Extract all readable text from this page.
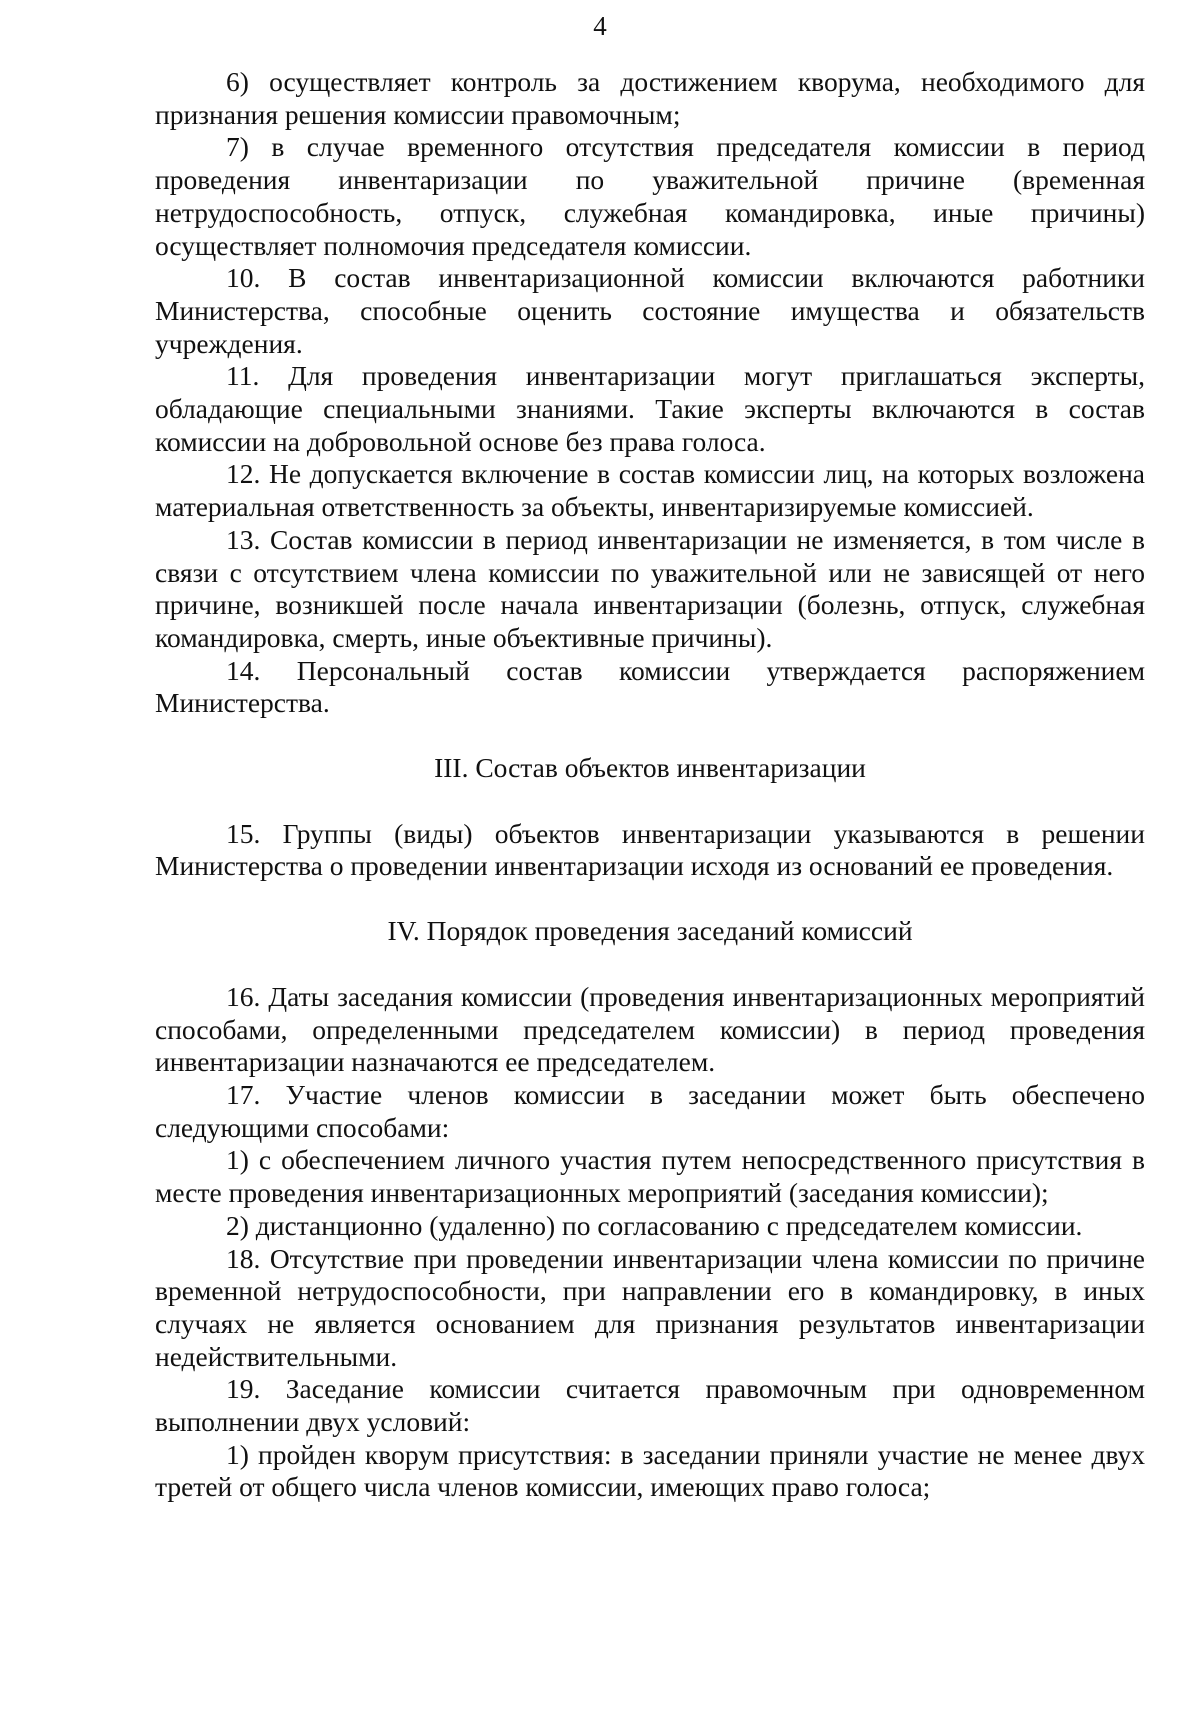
4

6) осуществляет контроль за достижением кворума, необходимого для признания решения комиссии правомочным;

7) в случае временного отсутствия председателя комиссии в период проведения инвентаризации по уважительной причине (временная нетрудоспособность, отпуск, служебная командировка, иные причины) осуществляет полномочия председателя комиссии.

10. В состав инвентаризационной комиссии включаются работники Министерства, способные оценить состояние имущества и обязательств учреждения.

11. Для проведения инвентаризации могут приглашаться эксперты, обладающие специальными знаниями. Такие эксперты включаются в состав комиссии на добровольной основе без права голоса.

12. Не допускается включение в состав комиссии лиц, на которых возложена материальная ответственность за объекты, инвентаризируемые комиссией.

13. Состав комиссии в период инвентаризации не изменяется, в том числе в связи с отсутствием члена комиссии по уважительной или не зависящей от него причине, возникшей после начала инвентаризации (болезнь, отпуск, служебная командировка, смерть, иные объективные причины).

14. Персональный состав комиссии утверждается распоряжением Министерства.

III. Состав объектов инвентаризации

15. Группы (виды) объектов инвентаризации указываются в решении Министерства о проведении инвентаризации исходя из оснований ее проведения.

IV. Порядок проведения заседаний комиссий

16. Даты заседания комиссии (проведения инвентаризационных мероприятий способами, определенными председателем комиссии) в период проведения инвентаризации назначаются ее председателем.

17. Участие членов комиссии в заседании может быть обеспечено следующими способами:

1) с обеспечением личного участия путем непосредственного присутствия в месте проведения инвентаризационных мероприятий (заседания комиссии);

2) дистанционно (удаленно) по согласованию с председателем комиссии.

18. Отсутствие при проведении инвентаризации члена комиссии по причине временной нетрудоспособности, при направлении его в командировку, в иных случаях не является основанием для признания результатов инвентаризации недействительными.

19. Заседание комиссии считается правомочным при одновременном выполнении двух условий:

1) пройден кворум присутствия: в заседании приняли участие не менее двух третей от общего числа членов комиссии, имеющих право голоса;
